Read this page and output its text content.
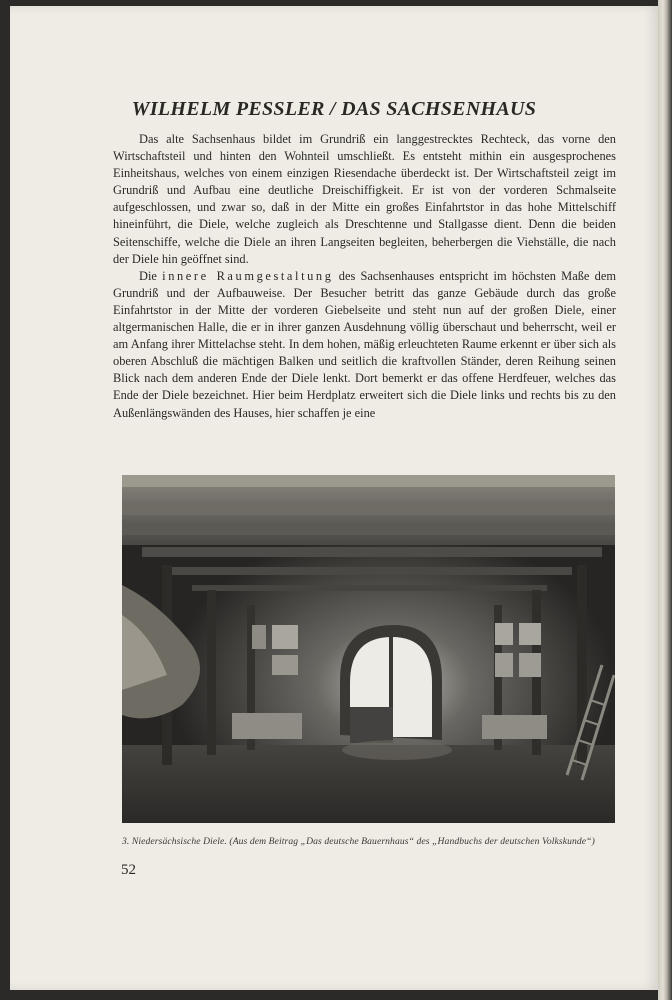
WILHELM PESSLER / DAS SACHSENHAUS

Das alte Sachsenhaus bildet im Grundriß ein langgestrecktes Rechteck, das vorne den Wirtschaftsteil und hinten den Wohnteil umschließt. Es entsteht mithin ein ausgesprochenes Einheitshaus, welches von einem einzigen Riesendache überdeckt ist. Der Wirtschaftsteil zeigt im Grundriß und Aufbau eine deutliche Dreischiffigkeit. Er ist von der vorderen Schmalseite aufgeschlossen, und zwar so, daß in der Mitte ein großes Einfahrtstor in das hohe Mittelschiff hineinführt, die Diele, welche zugleich als Dreschtenne und Stallgasse dient. Denn die beiden Seitenschiffe, welche die Diele an ihren Langseiten begleiten, beherbergen die Viehställe, die nach der Diele hin geöffnet sind.

Die innere Raumgestaltung des Sachsenhauses entspricht im höchsten Maße dem Grundriß und der Aufbauweise. Der Besucher betritt das ganze Gebäude durch das große Einfahrtstor in der Mitte der vorderen Giebelseite und steht nun auf der großen Diele, einer altgermanischen Halle, die er in ihrer ganzen Ausdehnung völlig überschaut und beherrscht, weil er am Anfang ihrer Mittelachse steht. In dem hohen, mäßig erleuchteten Raume erkennt er über sich als oberen Abschluß die mächtigen Balken und seitlich die kraftvollen Ständer, deren Reihung seinen Blick nach dem anderen Ende der Diele lenkt. Dort bemerkt er das offene Herdfeuer, welches das Ende der Diele bezeichnet. Hier beim Herdplatz erweitert sich die Diele links und rechts bis zu den Außenlängswänden des Hauses, hier schaffen je eine

3. Niedersächsische Diele. (Aus dem Beitrag „Das deutsche Bauernhaus“ des „Handbuchs der deutschen Volkskunde“)
52
